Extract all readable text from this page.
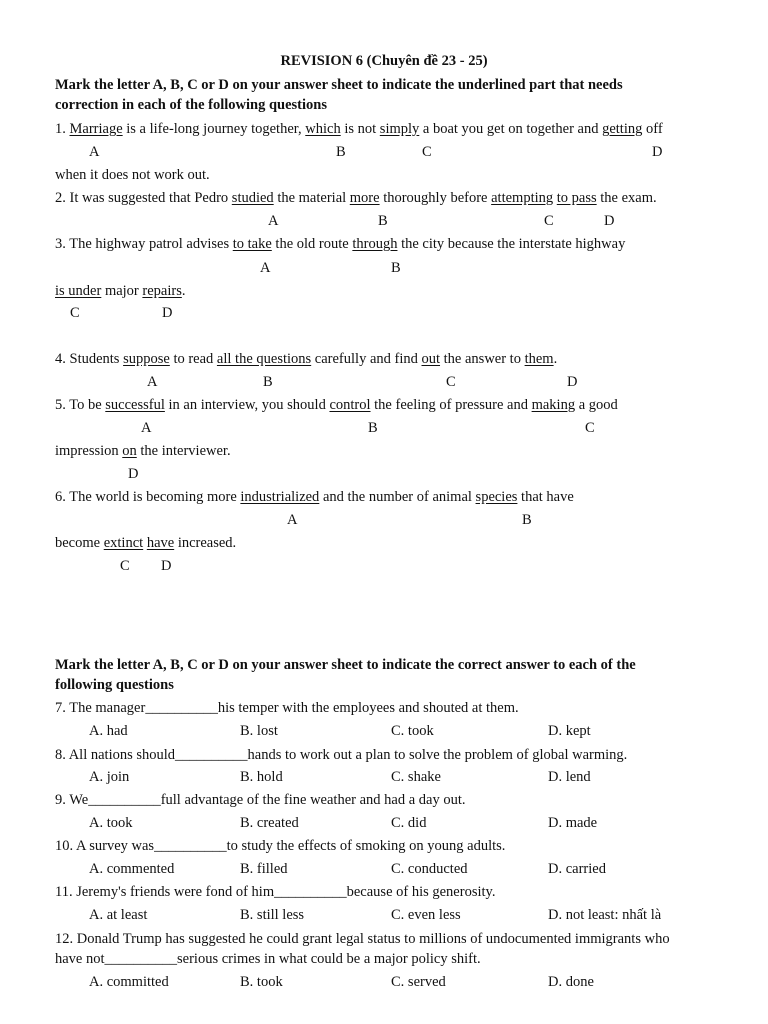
REVISION 6 (Chuyên đề 23 - 25)
Mark the letter A, B, C or D on your answer sheet to indicate the underlined part that needs
correction in each of the following questions
1. Marriage is a life-long journey together, which is not simply a boat you get on together and getting off
A	B	C	D
when it does not work out.
2. It was suggested that Pedro studied the material more thoroughly before attempting to pass the exam.
A	B	C	D
3. The highway patrol advises to take the old route through the city because the interstate highway
A	B
is under major repairs.
C	D
4. Students suppose to read all the questions carefully and find out the answer to them.
A	B	C	D
5. To be successful in an interview, you should control the feeling of pressure and making a good
A	B	C
impression on the interviewer.
D
6. The world is becoming more industrialized and the number of animal species that have
A	B
become extinct have increased.
C D
Mark the letter A, B, C or D on your answer sheet to indicate the correct answer to each of the
following questions
7. The manager__________his temper with the employees and shouted at them.
A. had	B. lost	C. took	D. kept
8. All nations should__________hands to work out a plan to solve the problem of global warming.
A. join	B. hold	C. shake	D. lend
9. We__________full advantage of the fine weather and had a day out.
A. took	B. created	C. did	D. made
10. A survey was__________to study the effects of smoking on young adults.
A. commented	B. filled	C. conducted	D. carried
11. Jeremy's friends were fond of him__________because of his generosity.
A. at least	B. still less	C. even less	D. not least: nhất là
12. Donald Trump has suggested he could grant legal status to millions of undocumented immigrants who
have not__________serious crimes in what could be a major policy shift.
A. committed	B. took	C. served	D. done
